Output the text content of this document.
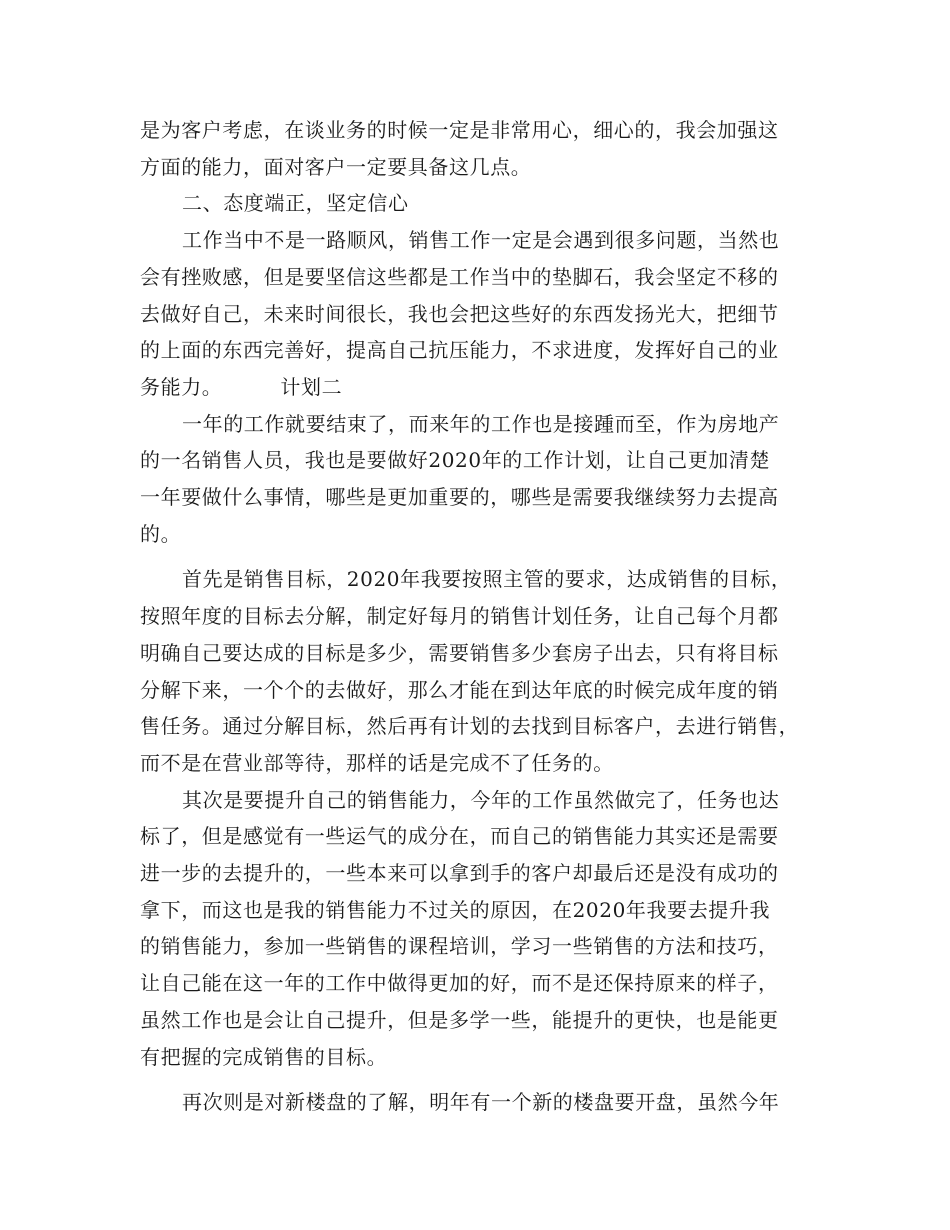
是为客户考虑，在谈业务的时候一定是非常用心，细心的，我会加强这

方面的能力，面对客户一定要具备这几点。

二、态度端正，坚定信心

工作当中不是一路顺风，销售工作一定是会遇到很多问题，当然也

会有挫败感，但是要坚信这些都是工作当中的垫脚石，我会坚定不移的

去做好自己，未来时间很长，我也会把这些好的东西发扬光大，把细节

的上面的东西完善好，提高自己抗压能力，不求进度，发挥好自己的业

务能力。	计划二

一年的工作就要结束了，而来年的工作也是接踵而至，作为房地产

的一名销售人员，我也是要做好2020年的工作计划，让自己更加清楚

一年要做什么事情，哪些是更加重要的，哪些是需要我继续努力去提高

的。

首先是销售目标，2020年我要按照主管的要求，达成销售的目标，

按照年度的目标去分解，制定好每月的销售计划任务，让自己每个月都

明确自己要达成的目标是多少，需要销售多少套房子出去，只有将目标

分解下来，一个个的去做好，那么才能在到达年底的时候完成年度的销

售任务。通过分解目标，然后再有计划的去找到目标客户，去进行销售，

而不是在营业部等待，那样的话是完成不了任务的。

其次是要提升自己的销售能力，今年的工作虽然做完了，任务也达

标了，但是感觉有一些运气的成分在，而自己的销售能力其实还是需要

进一步的去提升的，一些本来可以拿到手的客户却最后还是没有成功的

拿下，而这也是我的销售能力不过关的原因，在2020年我要去提升我

的销售能力，参加一些销售的课程培训，学习一些销售的方法和技巧，

让自己能在这一年的工作中做得更加的好，而不是还保持原来的样子，

虽然工作也是会让自己提升，但是多学一些，能提升的更快，也是能更

有把握的完成销售的目标。

再次则是对新楼盘的了解，明年有一个新的楼盘要开盘，虽然今年
